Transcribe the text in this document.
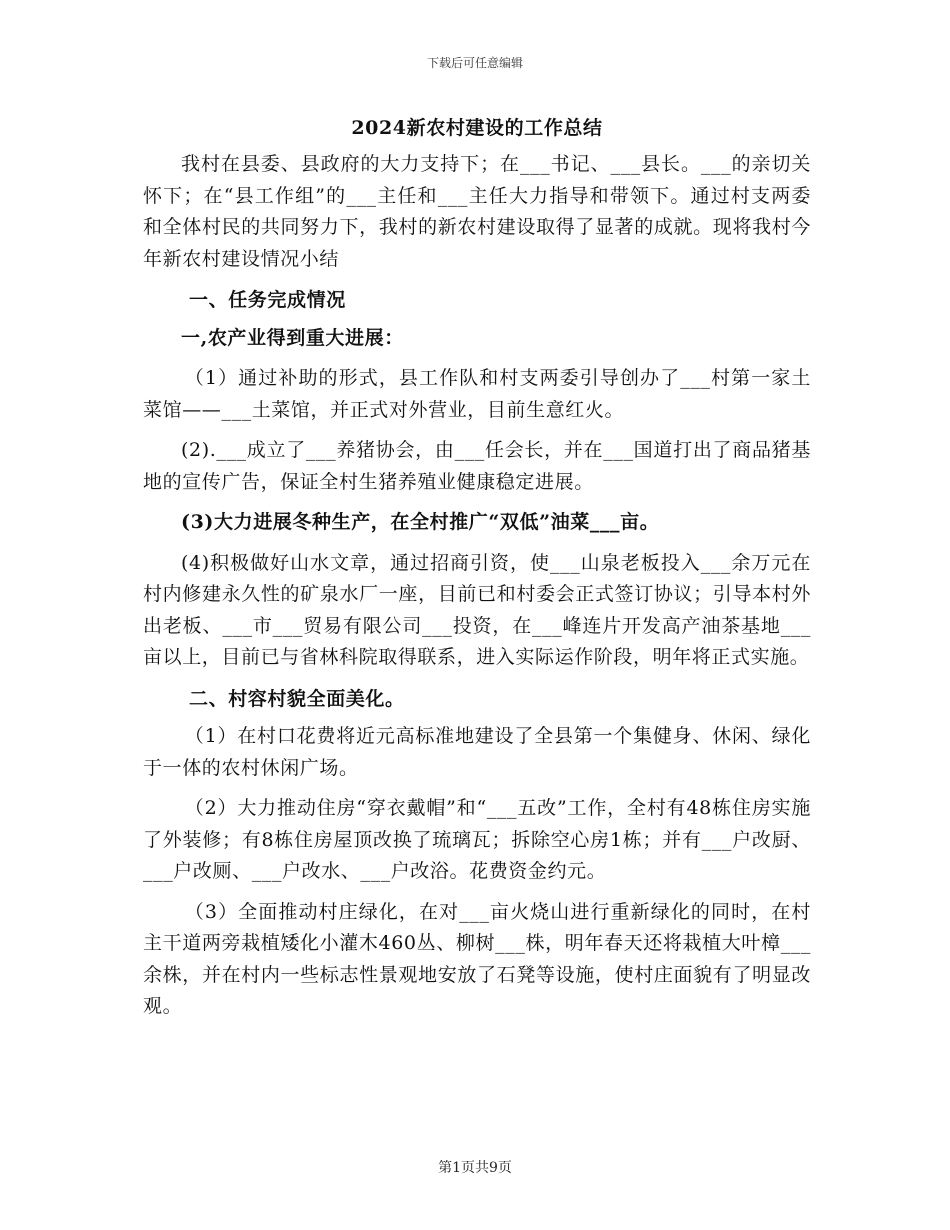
下载后可任意编辑
2024新农村建设的工作总结

我村在县委、县政府的大力支持下；在___书记、___县长。___的亲切关怀下；在“县工作组”的___主任和___主任大力指导和带领下。通过村支两委和全体村民的共同努力下，我村的新农村建设取得了显著的成就。现将我村今年新农村建设情况小结

一、任务完成情况

一,农产业得到重大进展：

（1）通过补助的形式，县工作队和村支两委引导创办了___村第一家土菜馆——___土菜馆，并正式对外营业，目前生意红火。

(2).___成立了___养猪协会，由___任会长，并在___国道打出了商品猪基地的宣传广告，保证全村生猪养殖业健康稳定进展。

(3)大力进展冬种生产，在全村推广“双低”油菜___亩。

(4)积极做好山水文章，通过招商引资，使___山泉老板投入___余万元在村内修建永久性的矿泉水厂一座，目前已和村委会正式签订协议；引导本村外出老板、___市___贸易有限公司___投资，在___峰连片开发高产油茶基地___亩以上，目前已与省林科院取得联系，进入实际运作阶段，明年将正式实施。

二、村容村貌全面美化。

（1）在村口花费将近元高标准地建设了全县第一个集健身、休闲、绿化于一体的农村休闲广场。

（2）大力推动住房“穿衣戴帽”和“___五改”工作，全村有48栋住房实施了外装修；有8栋住房屋顶改换了琉璃瓦；拆除空心房1栋；并有___户改厨、___户改厕、___户改水、___户改浴。花费资金约元。

（3）全面推动村庄绿化，在对___亩火烧山进行重新绿化的同时，在村主干道两旁栽植矮化小灌木460丛、柳树___株，明年春天还将栽植大叶樟___余株，并在村内一些标志性景观地安放了石凳等设施，使村庄面貌有了明显改观。

第1页共9页
